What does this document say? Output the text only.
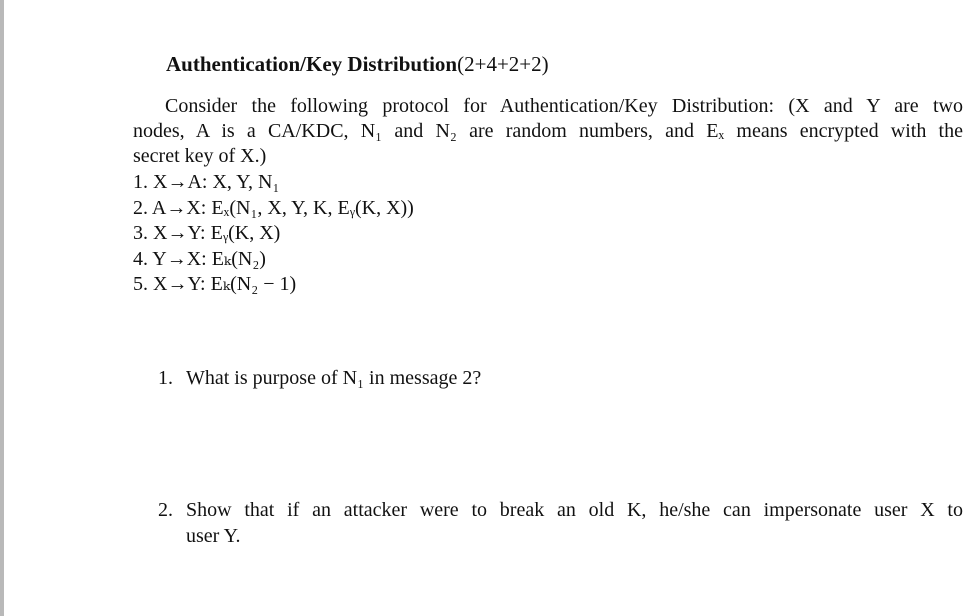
Authentication/Key Distribution(2+4+2+2)
Consider the following protocol for Authentication/Key Distribution: (X and Y are two
nodes, A is a CA/KDC, N₁ and N₂ are random numbers, and Eₓ means encrypted with the
secret key of X.)
1. X→A: X, Y, N₁
2. A→X: Eₓ(N₁, X, Y, K, Eᵧ(K, X))
3. X→Y: Eᵧ(K, X)
4. Y→X: Eₖ(N₂)
5. X→Y: Eₖ(N₂ − 1)
1. What is purpose of N₁ in message 2?
2. Show that if an attacker were to break an old K, he/she can impersonate user X to
user Y.
